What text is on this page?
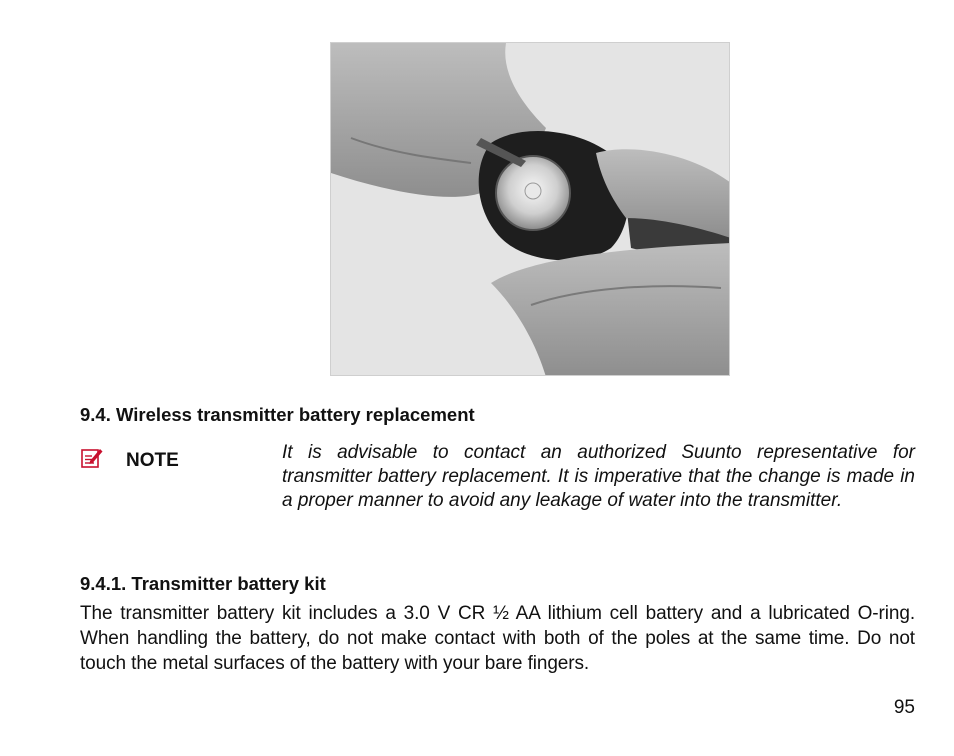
9.4. Wireless transmitter battery replacement
NOTE	It is advisable to contact an authorized Suunto representative for transmitter battery replacement. It is imperative that the change is made in a proper manner to avoid any leakage of water into the transmitter.

9.4.1. Transmitter battery kit

The transmitter battery kit includes a 3.0 V CR ½ AA lithium cell battery and a lubricated O-ring. When handling the battery, do not make contact with both of the poles at the same time. Do not touch the metal surfaces of the battery with your bare fingers.

95
